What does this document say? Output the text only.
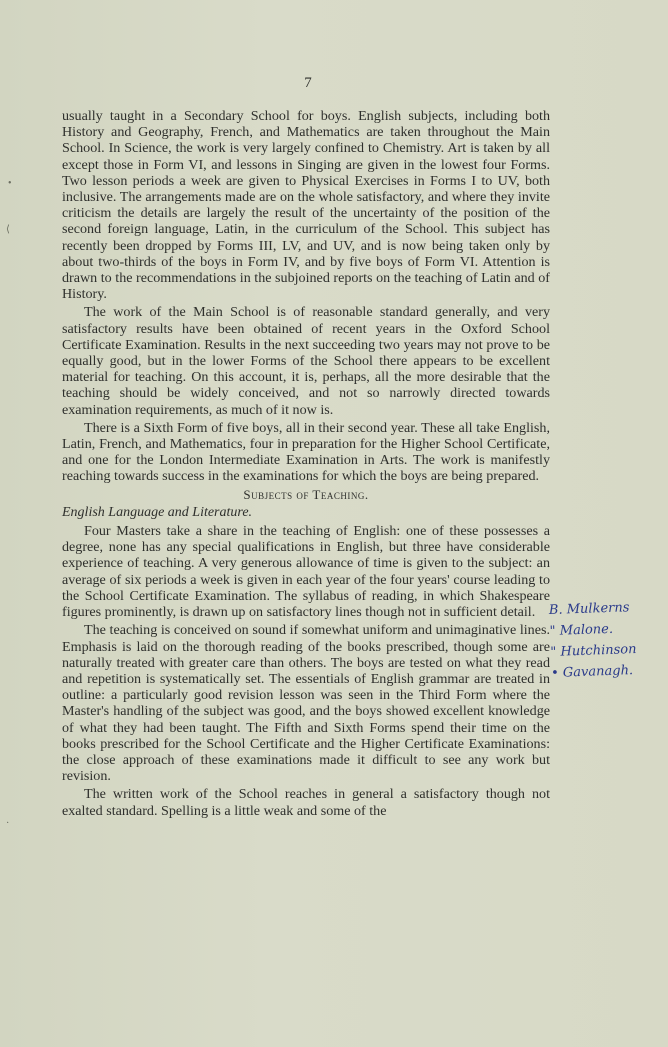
7

usually taught in a Secondary School for boys. English subjects, including both History and Geography, French, and Mathematics are taken throughout the Main School. In Science, the work is very largely confined to Chemistry. Art is taken by all except those in Form VI, and lessons in Singing are given in the lowest four Forms. Two lesson periods a week are given to Physical Exercises in Forms I to UV, both inclusive. The arrangements made are on the whole satisfactory, and where they invite criticism the details are largely the result of the uncertainty of the position of the second foreign language, Latin, in the curriculum of the School. This subject has recently been dropped by Forms III, LV, and UV, and is now being taken only by about two-thirds of the boys in Form IV, and by five boys of Form VI. Attention is drawn to the recommendations in the subjoined reports on the teaching of Latin and of History.

The work of the Main School is of reasonable standard generally, and very satisfactory results have been obtained of recent years in the Oxford School Certificate Examination. Results in the next succeeding two years may not prove to be equally good, but in the lower Forms of the School there appears to be excellent material for teaching. On this account, it is, perhaps, all the more desirable that the teaching should be widely conceived, and not so narrowly directed towards examination requirements, as much of it now is.

There is a Sixth Form of five boys, all in their second year. These all take English, Latin, French, and Mathematics, four in preparation for the Higher School Certificate, and one for the London Intermediate Examination in Arts. The work is manifestly reaching towards success in the examinations for which the boys are being prepared.

Subjects of Teaching.

English Language and Literature.

Four Masters take a share in the teaching of English: one of these possesses a degree, none has any special qualifications in English, but three have considerable experience of teaching. A very generous allowance of time is given to the subject: an average of six periods a week is given in each year of the four years' course leading to the School Certificate Examination. The syllabus of reading, in which Shakespeare figures prominently, is drawn up on satisfactory lines though not in sufficient detail.

The teaching is conceived on sound if somewhat uniform and unimaginative lines. Emphasis is laid on the thorough reading of the books prescribed, though some are naturally treated with greater care than others. The boys are tested on what they read and repetition is systematically set. The essentials of English grammar are treated in outline: a particularly good revision lesson was seen in the Third Form where the Master's handling of the subject was good, and the boys showed excellent knowledge of what they had been taught. The Fifth and Sixth Forms spend their time on the books prescribed for the School Certificate and the Higher Certificate Examinations: the close approach of these examinations made it difficult to see any work but revision.

The written work of the School reaches in general a satisfactory though not exalted standard. Spelling is a little weak and some of the

B. Mulkerns
" Malone.
" Hutchinson
• Gavanagh.
•
⟨
·
